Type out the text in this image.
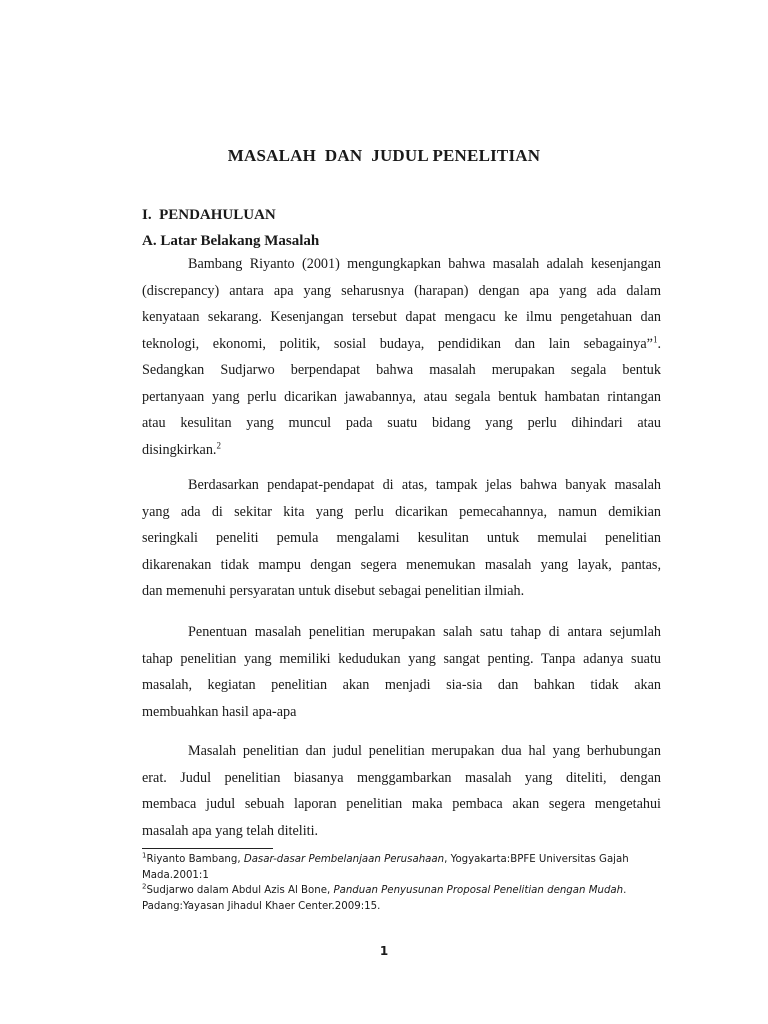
MASALAH  DAN  JUDUL PENELITIAN
I.  PENDAHULUAN
A. Latar Belakang Masalah
Bambang Riyanto (2001) mengungkapkan bahwa masalah adalah kesenjangan
(discrepancy) antara apa yang seharusnya (harapan) dengan apa yang ada dalam
kenyataan sekarang. Kesenjangan tersebut dapat mengacu ke ilmu pengetahuan dan
teknologi, ekonomi, politik, sosial budaya, pendidikan dan lain sebagainya”$^1$.
Sedangkan Sudjarwo berpendapat bahwa masalah merupakan segala bentuk
pertanyaan yang perlu dicarikan jawabannya, atau segala bentuk hambatan rintangan
atau kesulitan yang muncul pada suatu bidang yang perlu dihindari atau
disingkirkan.$^2$
Berdasarkan pendapat-pendapat di atas, tampak jelas bahwa banyak masalah
yang ada di sekitar kita yang perlu dicarikan pemecahannya, namun demikian
seringkali peneliti pemula mengalami kesulitan untuk memulai penelitian
dikarenakan tidak mampu dengan segera menemukan masalah yang layak, pantas,
dan memenuhi persyaratan untuk disebut sebagai penelitian ilmiah.
Penentuan masalah penelitian merupakan salah satu tahap di antara sejumlah
tahap penelitian yang memiliki kedudukan yang sangat penting. Tanpa adanya suatu
masalah, kegiatan penelitian akan menjadi sia-sia dan bahkan tidak akan
membuahkan hasil apa-apa
Masalah penelitian dan judul penelitian merupakan dua hal yang berhubungan
erat. Judul penelitian biasanya menggambarkan masalah yang diteliti, dengan
membaca judul sebuah laporan penelitian maka pembaca akan segera mengetahui
masalah apa yang telah diteliti.
$^1$Riyanto Bambang, Dasar-dasar Pembelanjaan Perusahaan, Yogyakarta:BPFE Universitas Gajah
Mada.2001:1
$^2$Sudjarwo dalam Abdul Azis Al Bone, Panduan Penyusunan Proposal Penelitian dengan Mudah.
Padang:Yayasan Jihadul Khaer Center.2009:15.
1
